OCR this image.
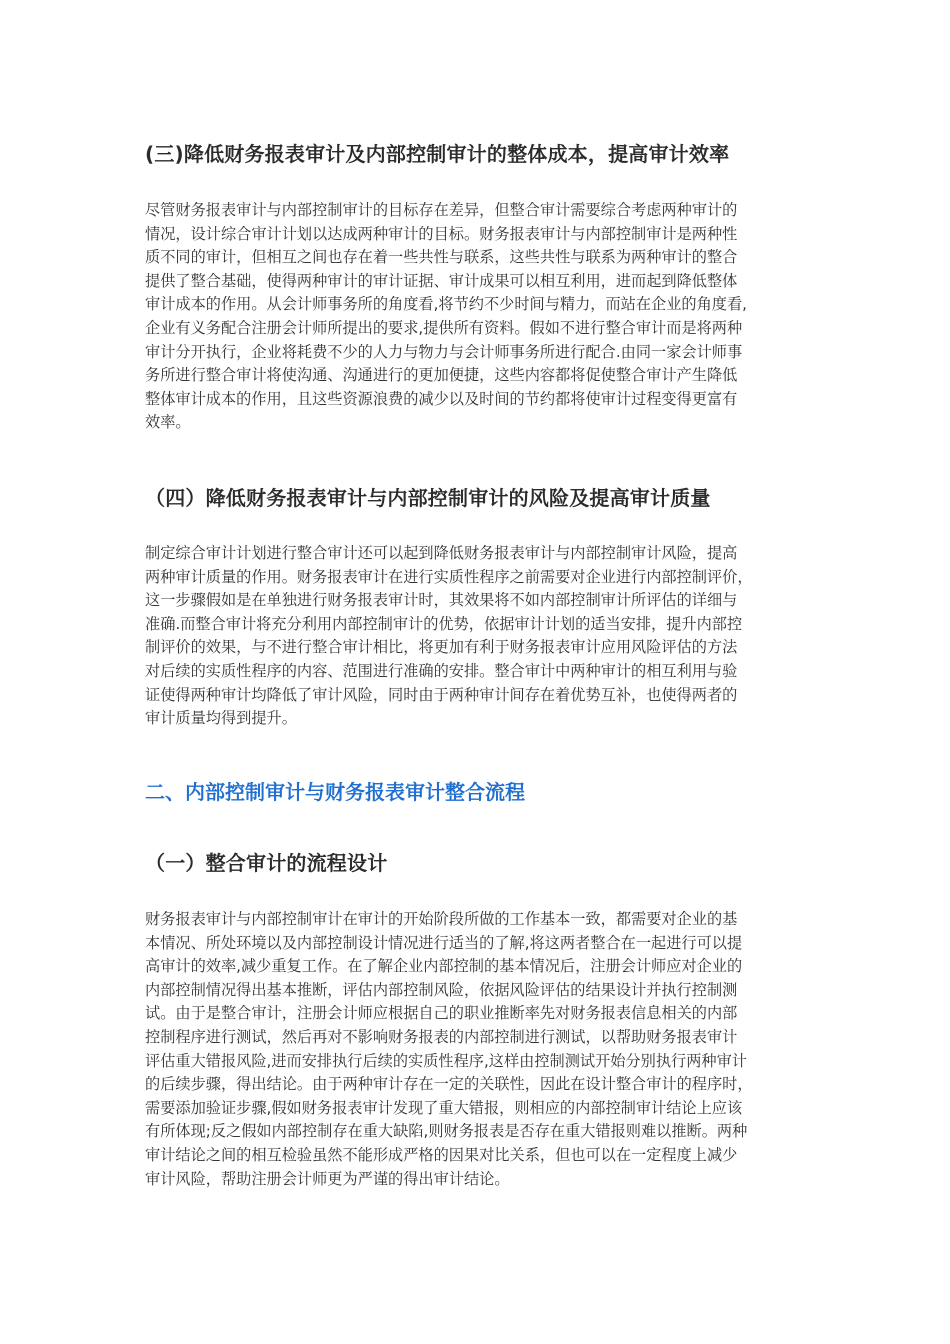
(三)降低财务报表审计及内部控制审计的整体成本，提高审计效率
尽管财务报表审计与内部控制审计的目标存在差异，但整合审计需要综合考虑两种审计的
情况，设计综合审计计划以达成两种审计的目标。财务报表审计与内部控制审计是两种性
质不同的审计，但相互之间也存在着一些共性与联系，这些共性与联系为两种审计的整合
提供了整合基础，使得两种审计的审计证据、审计成果可以相互利用，进而起到降低整体
审计成本的作用。从会计师事务所的角度看,将节约不少时间与精力，而站在企业的角度看,
企业有义务配合注册会计师所提出的要求,提供所有资料。假如不进行整合审计而是将两种
审计分开执行，企业将耗费不少的人力与物力与会计师事务所进行配合.由同一家会计师事
务所进行整合审计将使沟通、沟通进行的更加便捷，这些内容都将促使整合审计产生降低
整体审计成本的作用，且这些资源浪费的减少以及时间的节约都将使审计过程变得更富有
效率。
（四）降低财务报表审计与内部控制审计的风险及提高审计质量
制定综合审计计划进行整合审计还可以起到降低财务报表审计与内部控制审计风险，提高
两种审计质量的作用。财务报表审计在进行实质性程序之前需要对企业进行内部控制评价，
这一步骤假如是在单独进行财务报表审计时，其效果将不如内部控制审计所评估的详细与
准确.而整合审计将充分利用内部控制审计的优势，依据审计计划的适当安排，提升内部控
制评价的效果，与不进行整合审计相比，将更加有利于财务报表审计应用风险评估的方法
对后续的实质性程序的内容、范围进行准确的安排。整合审计中两种审计的相互利用与验
证使得两种审计均降低了审计风险，同时由于两种审计间存在着优势互补，也使得两者的
审计质量均得到提升。
二、内部控制审计与财务报表审计整合流程
（一）整合审计的流程设计
财务报表审计与内部控制审计在审计的开始阶段所做的工作基本一致，都需要对企业的基
本情况、所处环境以及内部控制设计情况进行适当的了解,将这两者整合在一起进行可以提
高审计的效率,减少重复工作。在了解企业内部控制的基本情况后，注册会计师应对企业的
内部控制情况得出基本推断，评估内部控制风险，依据风险评估的结果设计并执行控制测
试。由于是整合审计，注册会计师应根据自己的职业推断率先对财务报表信息相关的内部
控制程序进行测试，然后再对不影响财务报表的内部控制进行测试，以帮助财务报表审计
评估重大错报风险,进而安排执行后续的实质性程序,这样由控制测试开始分别执行两种审计
的后续步骤，得出结论。由于两种审计存在一定的关联性，因此在设计整合审计的程序时，
需要添加验证步骤,假如财务报表审计发现了重大错报，则相应的内部控制审计结论上应该
有所体现;反之假如内部控制存在重大缺陷,则财务报表是否存在重大错报则难以推断。两种
审计结论之间的相互检验虽然不能形成严格的因果对比关系，但也可以在一定程度上减少
审计风险，帮助注册会计师更为严谨的得出审计结论。
